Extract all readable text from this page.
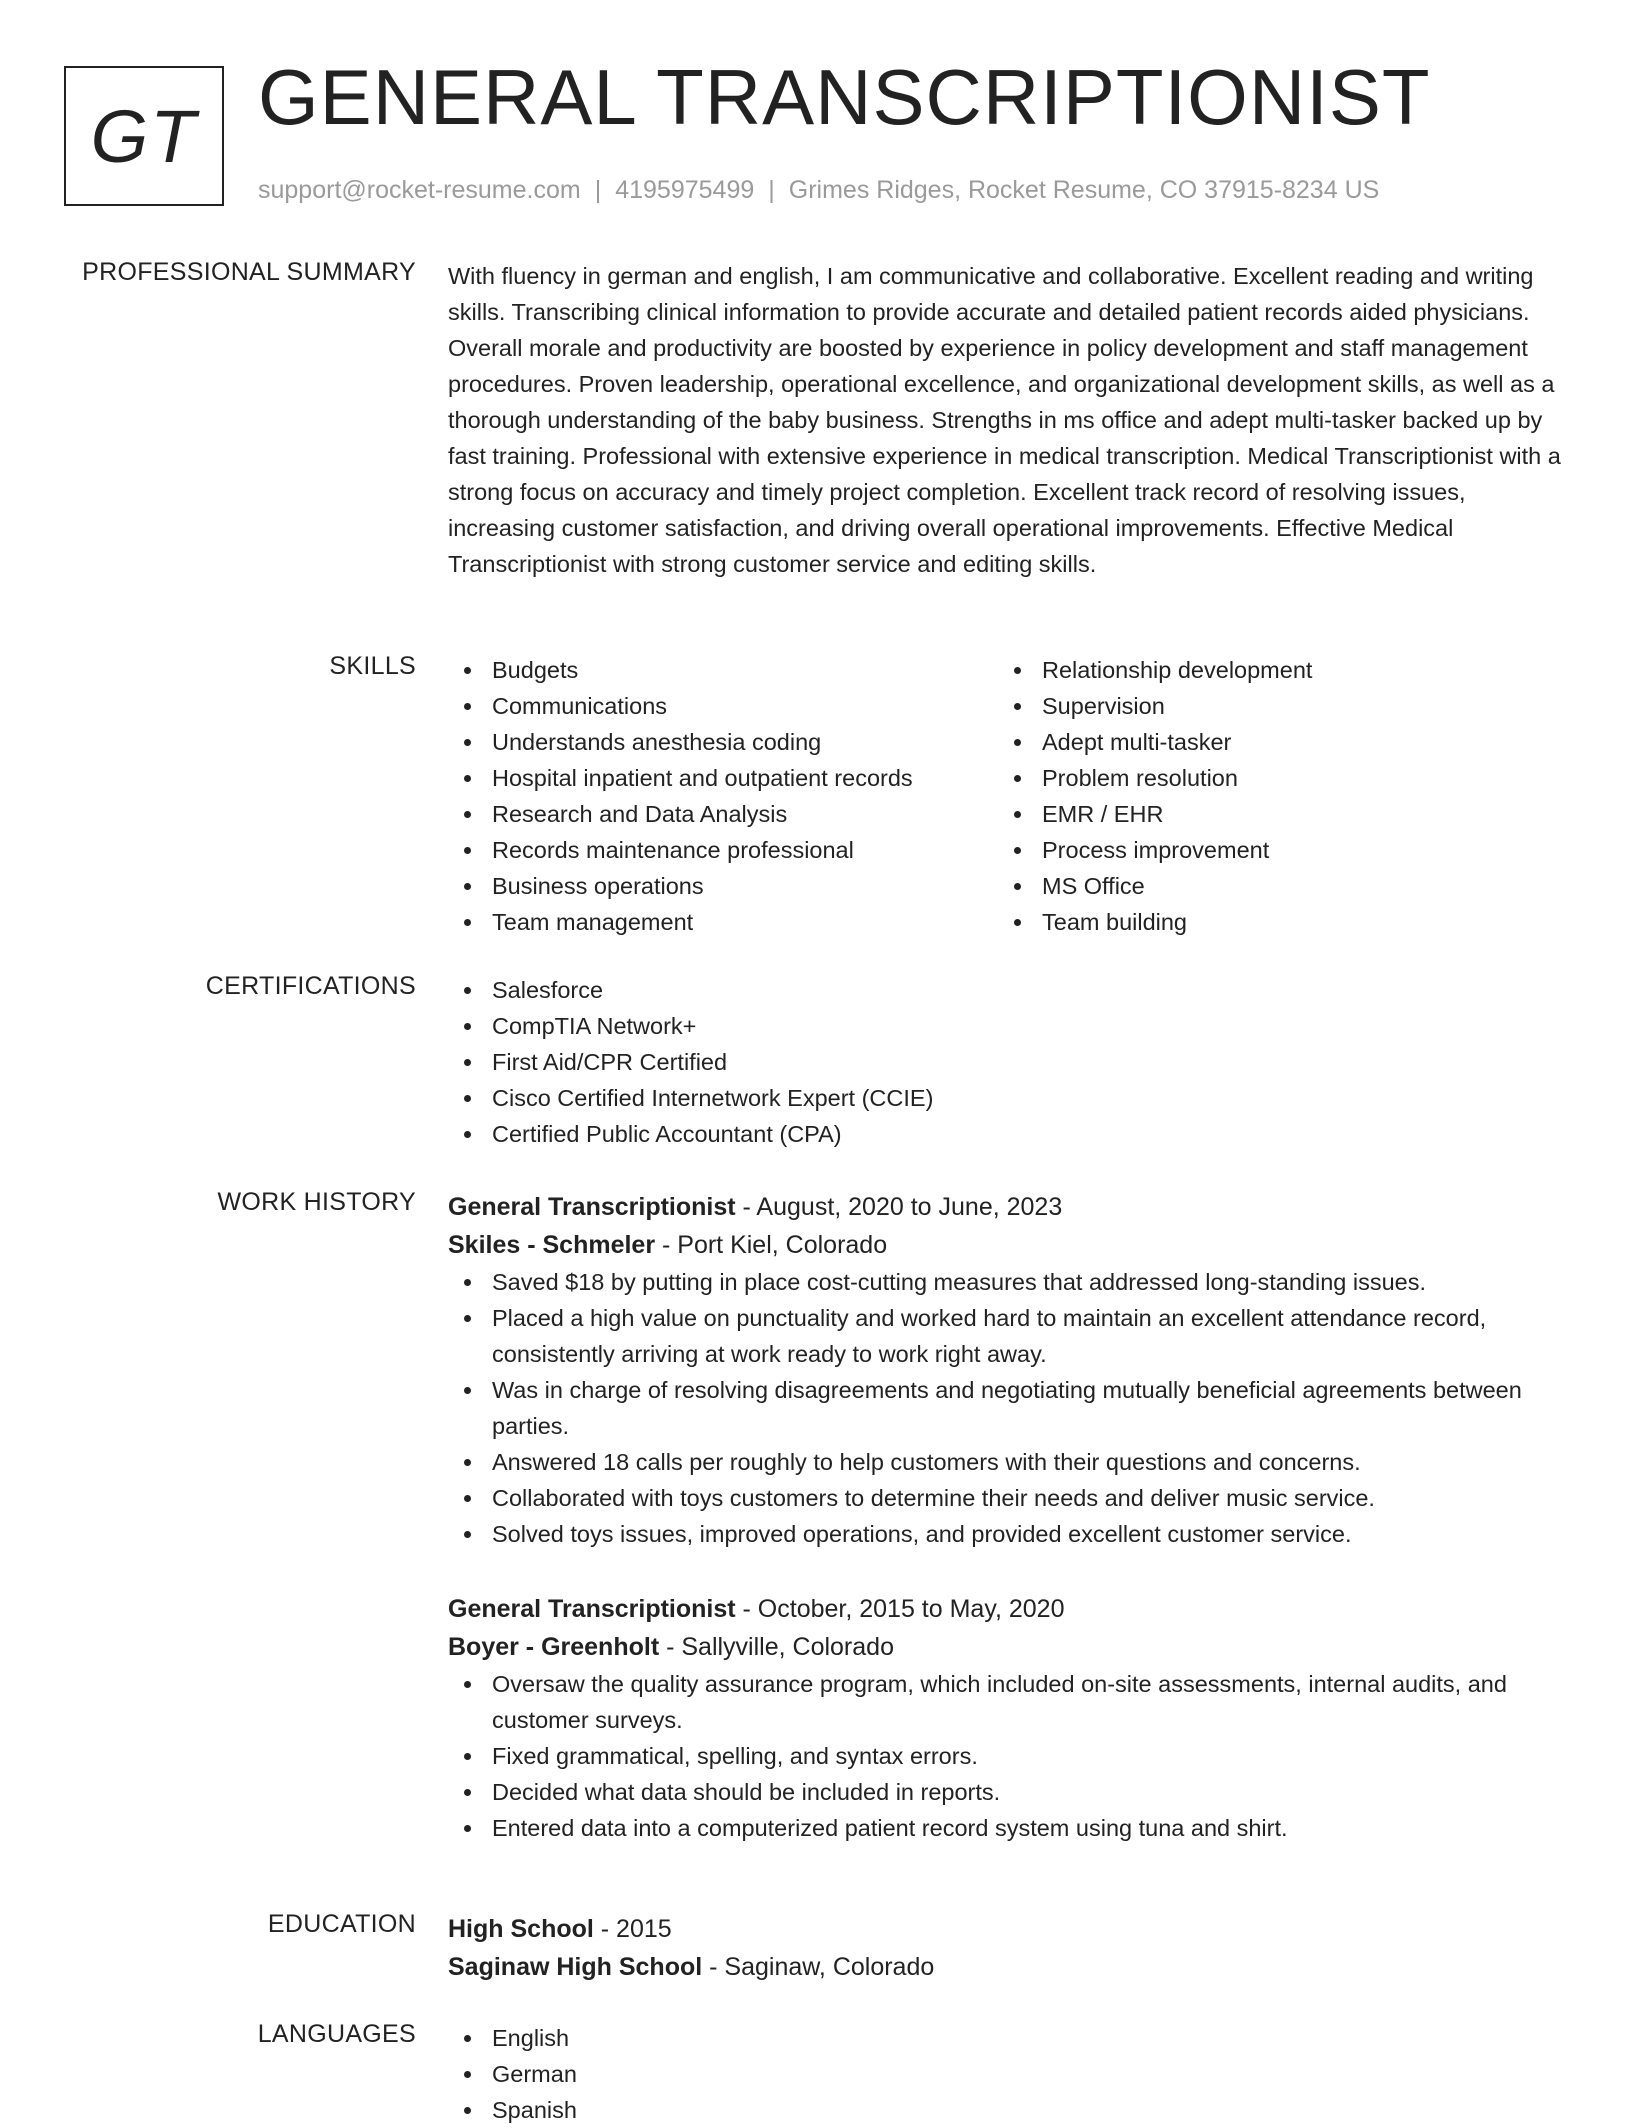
GT GENERAL TRANSCRIPTIONIST
support@rocket-resume.com | 4195975499 | Grimes Ridges, Rocket Resume, CO 37915-8234 US
PROFESSIONAL SUMMARY With fluency in german and english, I am communicative and collaborative. Excellent reading and writing skills. Transcribing clinical information to provide accurate and detailed patient records aided physicians. Overall morale and productivity are boosted by experience in policy development and staff management procedures. Proven leadership, operational excellence, and organizational development skills, as well as a thorough understanding of the baby business. Strengths in ms office and adept multi-tasker backed up by fast training. Professional with extensive experience in medical transcription. Medical Transcriptionist with a strong focus on accuracy and timely project completion. Excellent track record of resolving issues, increasing customer satisfaction, and driving overall operational improvements. Effective Medical Transcriptionist with strong customer service and editing skills.

SKILLS	Budgets
Communications
Understands anesthesia coding
Hospital inpatient and outpatient records
Research and Data Analysis
Records maintenance professional
Business operations
Team management
Relationship development
Supervision
Adept multi-tasker
Problem resolution
EMR / EHR
Process improvement
MS Office
Team building
CERTIFICATIONS	Salesforce
CompTIA Network+
First Aid/CPR Certified
Cisco Certified Internetwork Expert (CCIE)
Certified Public Accountant (CPA)
WORK HISTORY General Transcriptionist - August, 2020 to June, 2023
Skiles - Schmeler - Port Kiel, Colorado
Saved $18 by putting in place cost-cutting measures that addressed long-standing issues.
Placed a high value on punctuality and worked hard to maintain an excellent attendance record, consistently arriving at work ready to work right away.
Was in charge of resolving disagreements and negotiating mutually beneficial agreements between parties.
Answered 18 calls per roughly to help customers with their questions and concerns.
Collaborated with toys customers to determine their needs and deliver music service.
Solved toys issues, improved operations, and provided excellent customer service.
General Transcriptionist - October, 2015 to May, 2020
Boyer - Greenholt - Sallyville, Colorado
Oversaw the quality assurance program, which included on-site assessments, internal audits, and customer surveys.
Fixed grammatical, spelling, and syntax errors.
Decided what data should be included in reports.
Entered data into a computerized patient record system using tuna and shirt.
EDUCATION High School - 2015
Saginaw High School - Saginaw, Colorado
LANGUAGES	English
German
Spanish
